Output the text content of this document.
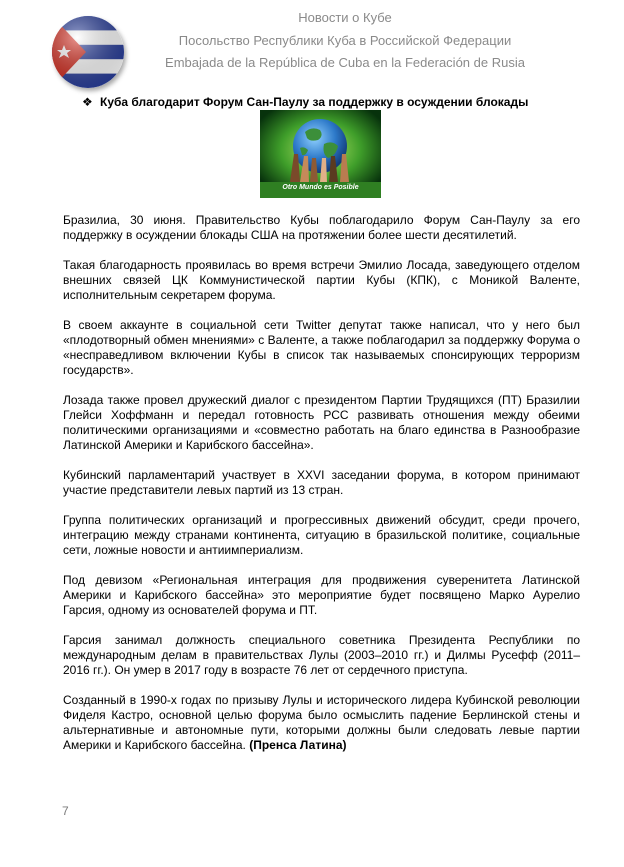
Новости о Кубе
Посольство Республики Куба в Российской Федерации
Embajada de la República de Cuba en la Federación de Rusia
❖ Куба благодарит Форум Сан-Паулу за поддержку в осуждении блокады
Otro Mundo es Posible

Бразилиа, 30 июня. Правительство Кубы поблагодарило Форум Сан-Паулу за его поддержку в осуждении блокады США на протяжении более шести десятилетий.

Такая благодарность проявилась во время встречи Эмилио Лосада, заведующего отделом внешних связей ЦК Коммунистической партии Кубы (КПК), с Моникой Валенте, исполнительным секретарем форума.

В своем аккаунте в социальной сети Twitter депутат также написал, что у него был «плодотворный обмен мнениями» с Валенте, а также поблагодарил за поддержку Форума о «несправедливом включении Кубы в список так называемых спонсирующих терроризм государств».

Лозада также провел дружеский диалог с президентом Партии Трудящихся (ПТ) Бразилии Глейси Хоффманн и передал готовность РСС развивать отношения между обеими политическими организациями и «совместно работать на благо единства в Разнообразие Латинской Америки и Карибского бассейна».

Кубинский парламентарий участвует в XXVI заседании форума, в котором принимают участие представители левых партий из 13 стран.

Группа политических организаций и прогрессивных движений обсудит, среди прочего, интеграцию между странами континента, ситуацию в бразильской политике, социальные сети, ложные новости и антиимпериализм.

Под девизом «Региональная интеграция для продвижения суверенитета Латинской Америки и Карибского бассейна» это мероприятие будет посвящено Марко Аурелио Гарсия, одному из основателей форума и ПТ.

Гарсия занимал должность специального советника Президента Республики по международным делам в правительствах Лулы (2003–2010 гг.) и Дилмы Русефф (2011–2016 гг.). Он умер в 2017 году в возрасте 76 лет от сердечного приступа.

Созданный в 1990-х годах по призыву Лулы и исторического лидера Кубинской революции Фиделя Кастро, основной целью форума было осмыслить падение Берлинской стены и альтернативные и автономные пути, которыми должны были следовать левые партии Америки и Карибского бассейна. (Пренса Латина)

7
